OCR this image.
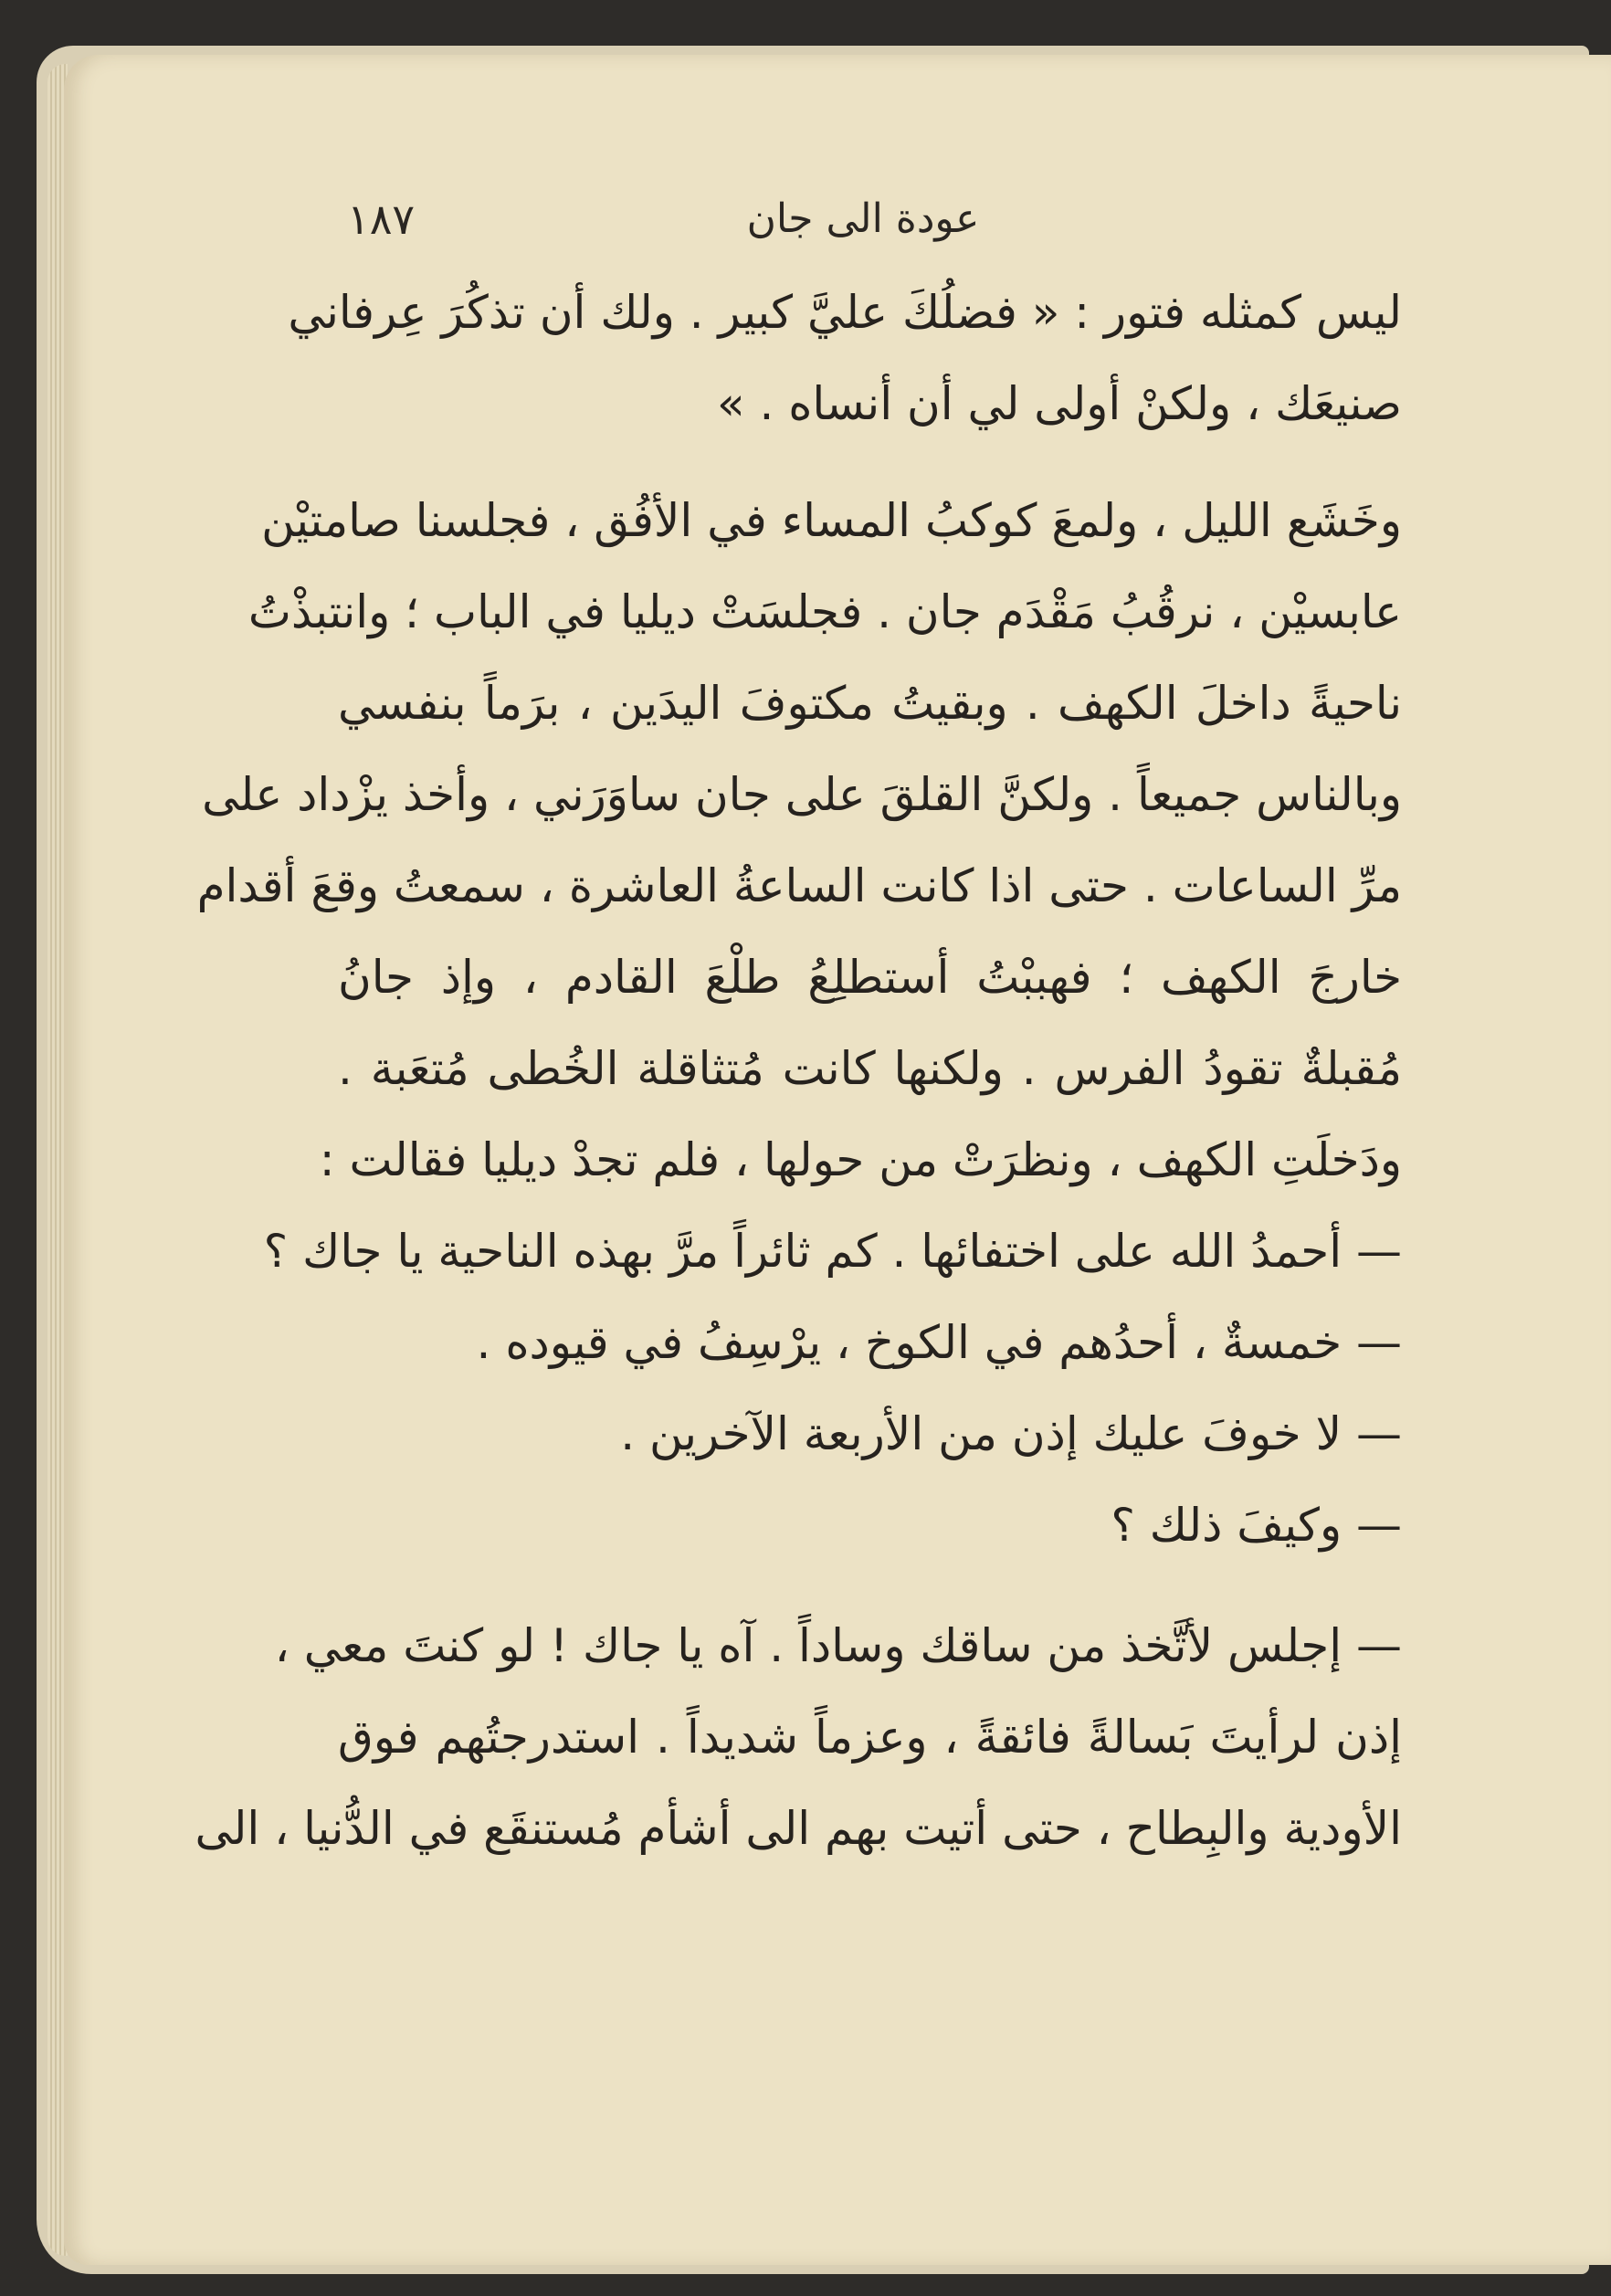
عودة الى جان
١٨٧
ليس كمثله فتور : « فضلُكَ عليَّ كبير . ولك أن تذكُرَ عِرفاني
صنيعَك ، ولكنْ أولى لي أن أنساه . »
وخَشَع الليل ، ولمعَ كوكبُ المساء في الأفُق ، فجلسنا صامتيْن
عابسيْن ، نرقُبُ مَقْدَم جان . فجلسَتْ ديليا في الباب ؛ وانتبذْتُ
ناحيةً داخلَ الكهف . وبقيتُ مكتوفَ اليدَين ، برَماً بنفسي
وبالناس جميعاً . ولكنَّ القلقَ على جان ساوَرَني ، وأخذ يزْداد على
مرِّ الساعات . حتى اذا كانت الساعةُ العاشرة ، سمعتُ وقعَ أقدام
خارجَ الكهف ؛ فهببْتُ أستطلِعُ طلْعَ القادم ، وإذ جانُ
مُقبلةٌ تقودُ الفرس . ولكنها كانت مُتثاقلة الخُطى مُتعَبة .
ودَخلَتِ الكهف ، ونظرَتْ من حولها ، فلم تجدْ ديليا فقالت :
— أحمدُ الله على اختفائها . كم ثائراً مرَّ بهذه الناحية يا جاك ؟
— خمسةٌ ، أحدُهم في الكوخ ، يرْسِفُ في قيوده .
— لا خوفَ عليك إذن من الأربعة الآخرين .
— وكيفَ ذلك ؟
— إجلس لأتَّخذ من ساقك وساداً . آه يا جاك ! لو كنتَ معي ،
إذن لرأيتَ بَسالةً فائقةً ، وعزماً شديداً . استدرجتُهم فوق
الأودية والبِطاح ، حتى أتيت بهم الى أشأم مُستنقَع في الدُّنيا ، الى
